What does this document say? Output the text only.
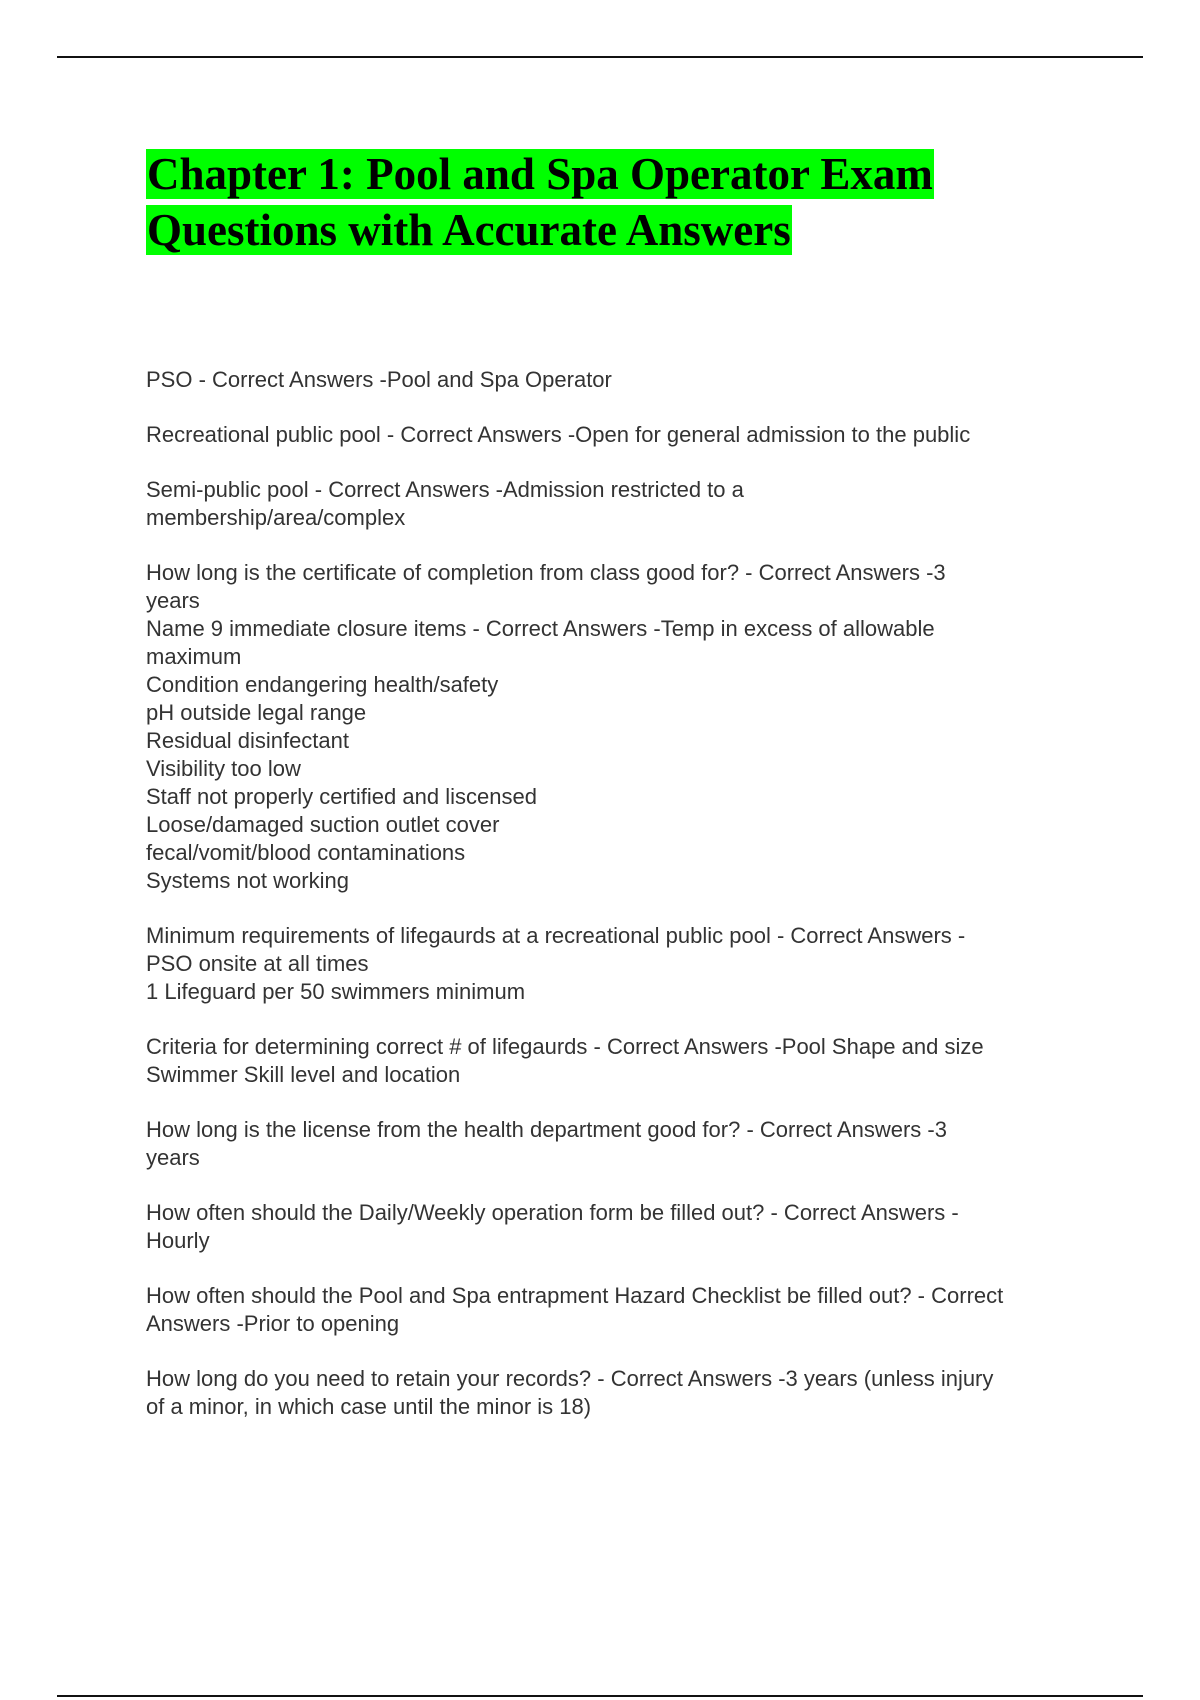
Chapter 1: Pool and Spa Operator Exam
Questions with Accurate Answers
PSO - Correct Answers -Pool and Spa Operator
Recreational public pool - Correct Answers -Open for general admission to the public
Semi-public pool - Correct Answers -Admission restricted to a
membership/area/complex
How long is the certificate of completion from class good for? - Correct Answers -3
years
Name 9 immediate closure items - Correct Answers -Temp in excess of allowable
maximum
Condition endangering health/safety
pH outside legal range
Residual disinfectant
Visibility too low
Staff not properly certified and liscensed
Loose/damaged suction outlet cover
fecal/vomit/blood contaminations
Systems not working
Minimum requirements of lifegaurds at a recreational public pool - Correct Answers -
PSO onsite at all times
1 Lifeguard per 50 swimmers minimum
Criteria for determining correct # of lifegaurds - Correct Answers -Pool Shape and size
Swimmer Skill level and location
How long is the license from the health department good for? - Correct Answers -3
years
How often should the Daily/Weekly operation form be filled out? - Correct Answers -
Hourly
How often should the Pool and Spa entrapment Hazard Checklist be filled out? - Correct
Answers -Prior to opening
How long do you need to retain your records? - Correct Answers -3 years (unless injury
of a minor, in which case until the minor is 18)
